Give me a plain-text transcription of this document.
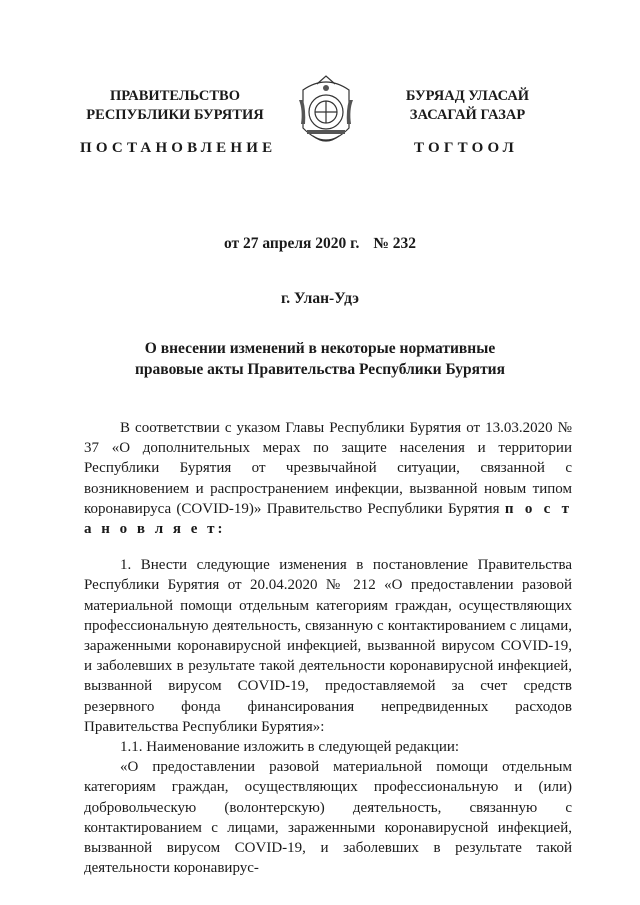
ПРАВИТЕЛЬСТВО
РЕСПУБЛИКИ БУРЯТИЯ
БУРЯАД УЛАСАЙ
ЗАСАГАЙ ГАЗАР
ПОСТАНОВЛЕНИЕ	ТОГТООЛ
от 27 апреля 2020 г. № 232
г. Улан-Удэ
О внесении изменений в некоторые нормативные
правовые акты Правительства Республики Бурятия

В соответствии с указом Главы Республики Бурятия от 13.03.2020 № 37 «О дополнительных мерах по защите населения и территории Республики Бурятия от чрезвычайной ситуации, связанной с возникновением и распространением инфекции, вызванной новым типом коронавируса (COVID-19)» Правительство Республики Бурятия п о с т а н о в л я е т:

1. Внести следующие изменения в постановление Правительства Республики Бурятия от 20.04.2020 № 212 «О предоставлении разовой материальной помощи отдельным категориям граждан, осуществляющих профессиональную деятельность, связанную с контактированием с лицами, зараженными коронавирусной инфекцией, вызванной вирусом COVID-19, и заболевших в результате такой деятельности коронавирусной инфекцией, вызванной вирусом COVID-19, предоставляемой за счет средств резервного фонда финансирования непредвиденных расходов Правительства Республики Бурятия»:

1.1. Наименование изложить в следующей редакции:

«О предоставлении разовой материальной помощи отдельным категориям граждан, осуществляющих профессиональную и (или) добровольческую (волонтерскую) деятельность, связанную с контактированием с лицами, зараженными коронавирусной инфекцией, вызванной вирусом COVID-19, и заболевших в результате такой деятельности коронавирус-
